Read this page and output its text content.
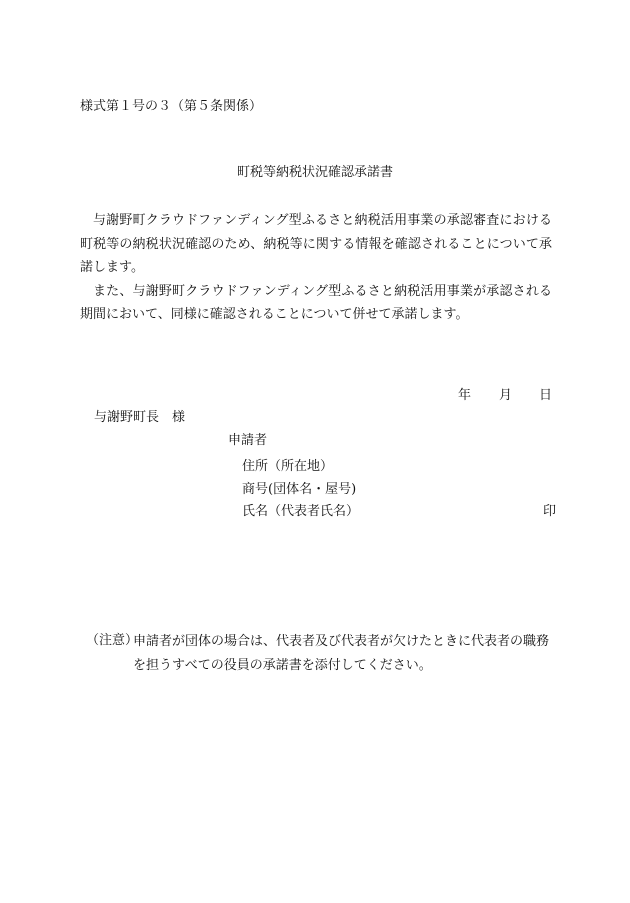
様式第１号の３（第５条関係）
町税等納税状況確認承諾書

与謝野町クラウドファンディング型ふるさと納税活用事業の承認審査における町税等の納税状況確認のため、納税等に関する情報を確認されることについて承諾します。

また、与謝野町クラウドファンディング型ふるさと納税活用事業が承認される期間において、同様に確認されることについて併せて承諾します。

年 月 日
与謝野町長　様
申請者
住所（所在地）
商号(団体名・屋号)
氏名（代表者氏名）	印
（注意）
申請者が団体の場合は、代表者及び代表者が欠けたときに代表者の職務を担うすべての役員の承諾書を添付してください。
